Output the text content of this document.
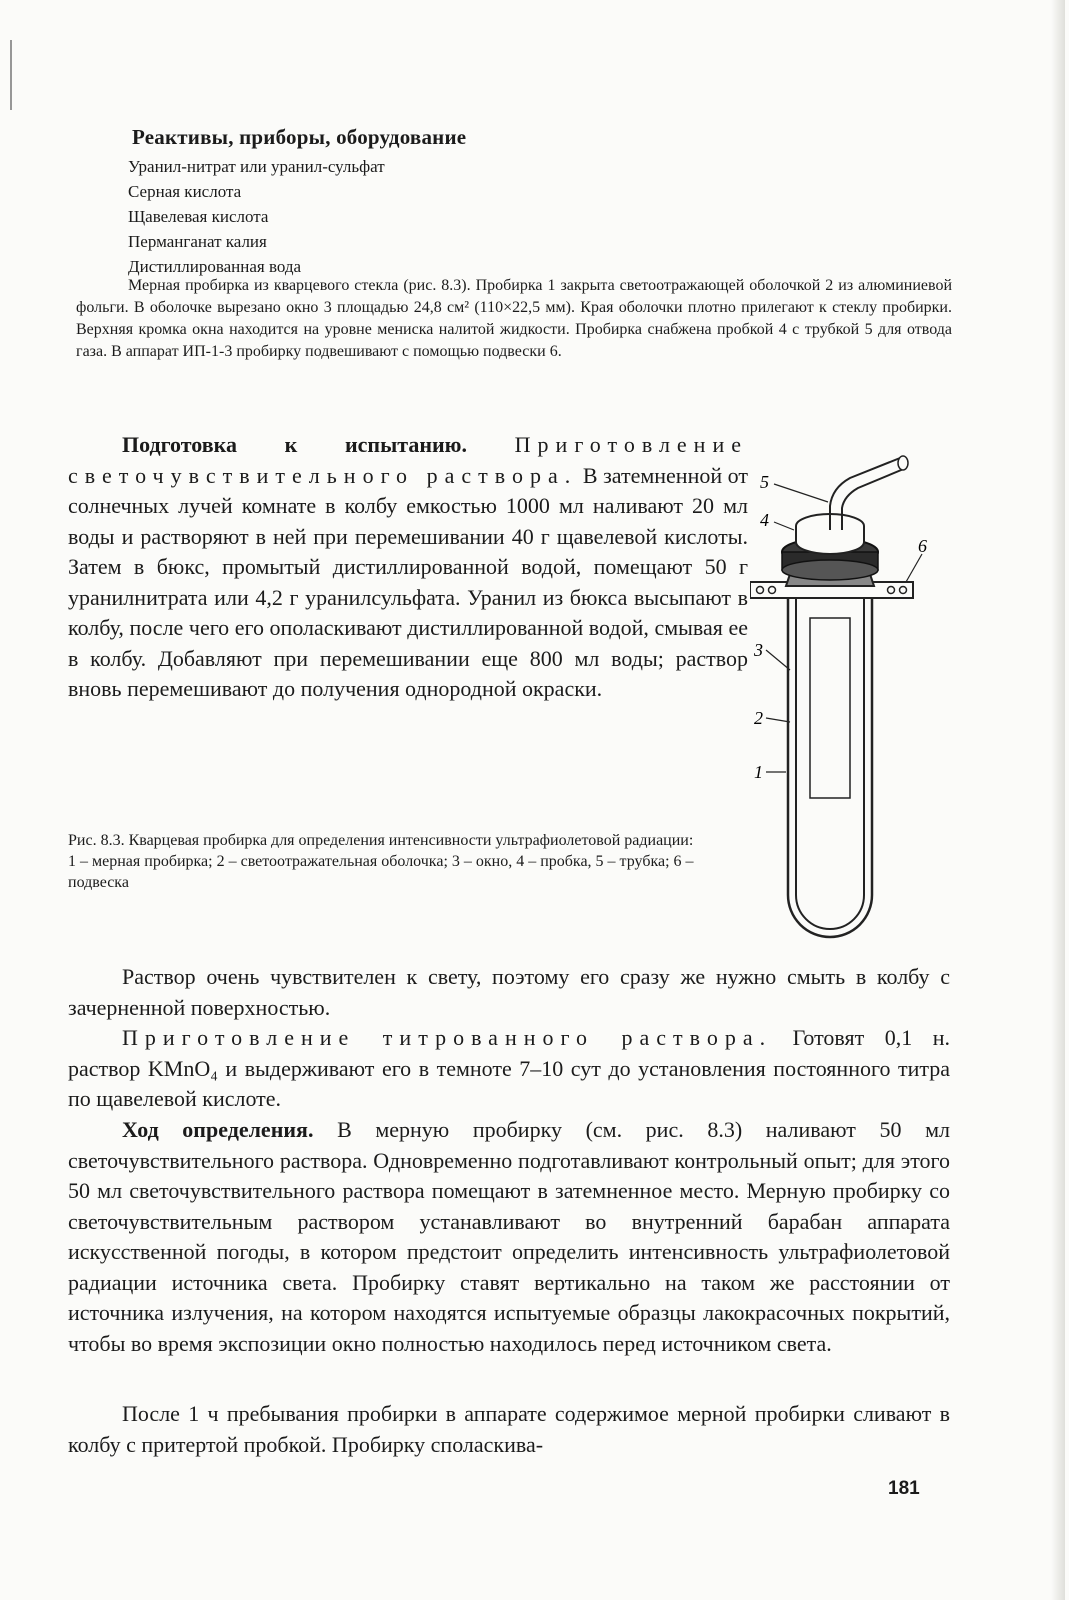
Реактивы, приборы, оборудование

Уранил-нитрат или уранил-сульфат

Серная кислота

Щавелевая кислота

Перманганат калия

Дистиллированная вода

Мерная пробирка из кварцевого стекла (рис. 8.3). Пробирка 1 закрыта светоотражающей оболочкой 2 из алюминиевой фольги. В оболочке вырезано окно 3 площадью 24,8 см² (110×22,5 мм). Края оболочки плотно прилегают к стеклу пробирки. Верхняя кромка окна находится на уровне мениска налитой жидкости. Пробирка снабжена пробкой 4 с трубкой 5 для отвода газа. В аппарат ИП-1-3 пробирку подвешивают с помощью подвески 6.

Подготовка к испытанию. Приготовление светочувствительного раствора. В затемненной от солнечных лучей комнате в колбу емкостью 1000 мл наливают 20 мл воды и растворяют в ней при перемешивании 40 г щавелевой кислоты. Затем в бюкс, промытый дистиллированной водой, помещают 50 г уранилнитрата или 4,2 г уранилсульфата. Уранил из бюкса высыпают в колбу, после чего его ополаскивают дистиллированной водой, смывая ее в колбу. Добавляют при перемешивании еще 800 мл воды; раствор вновь перемешивают до получения однородной окраски.

5
4
6
3
2
1

Рис. 8.3. Кварцевая пробирка для определения интенсивности ультрафиолетовой радиации:

1 – мерная пробирка; 2 – светоотражательная оболочка; 3 – окно, 4 – пробка, 5 – трубка; 6 – подвеска

Раствор очень чувствителен к свету, поэтому его сразу же нужно смыть в колбу с зачерненной поверхностью.

Приготовление титрованного раствора. Готовят 0,1 н. раствор KMnO₄ и выдерживают его в темноте 7–10 сут до установления постоянного титра по щавелевой кислоте.

Ход определения. В мерную пробирку (см. рис. 8.3) наливают 50 мл светочувствительного раствора. Одновременно подготавливают контрольный опыт; для этого 50 мл светочувствительного раствора помещают в затемненное место. Мерную пробирку со светочувствительным раствором устанавливают во внутренний барабан аппарата искусственной погоды, в котором предстоит определить интенсивность ультрафиолетовой радиации источника света. Пробирку ставят вертикально на таком же расстоянии от источника излучения, на котором находятся испытуемые образцы лакокрасочных покрытий, чтобы во время экспозиции окно полностью находилось перед источником света.

После 1 ч пребывания пробирки в аппарате содержимое мерной пробирки сливают в колбу с притертой пробкой. Пробирку споласкива-

181
